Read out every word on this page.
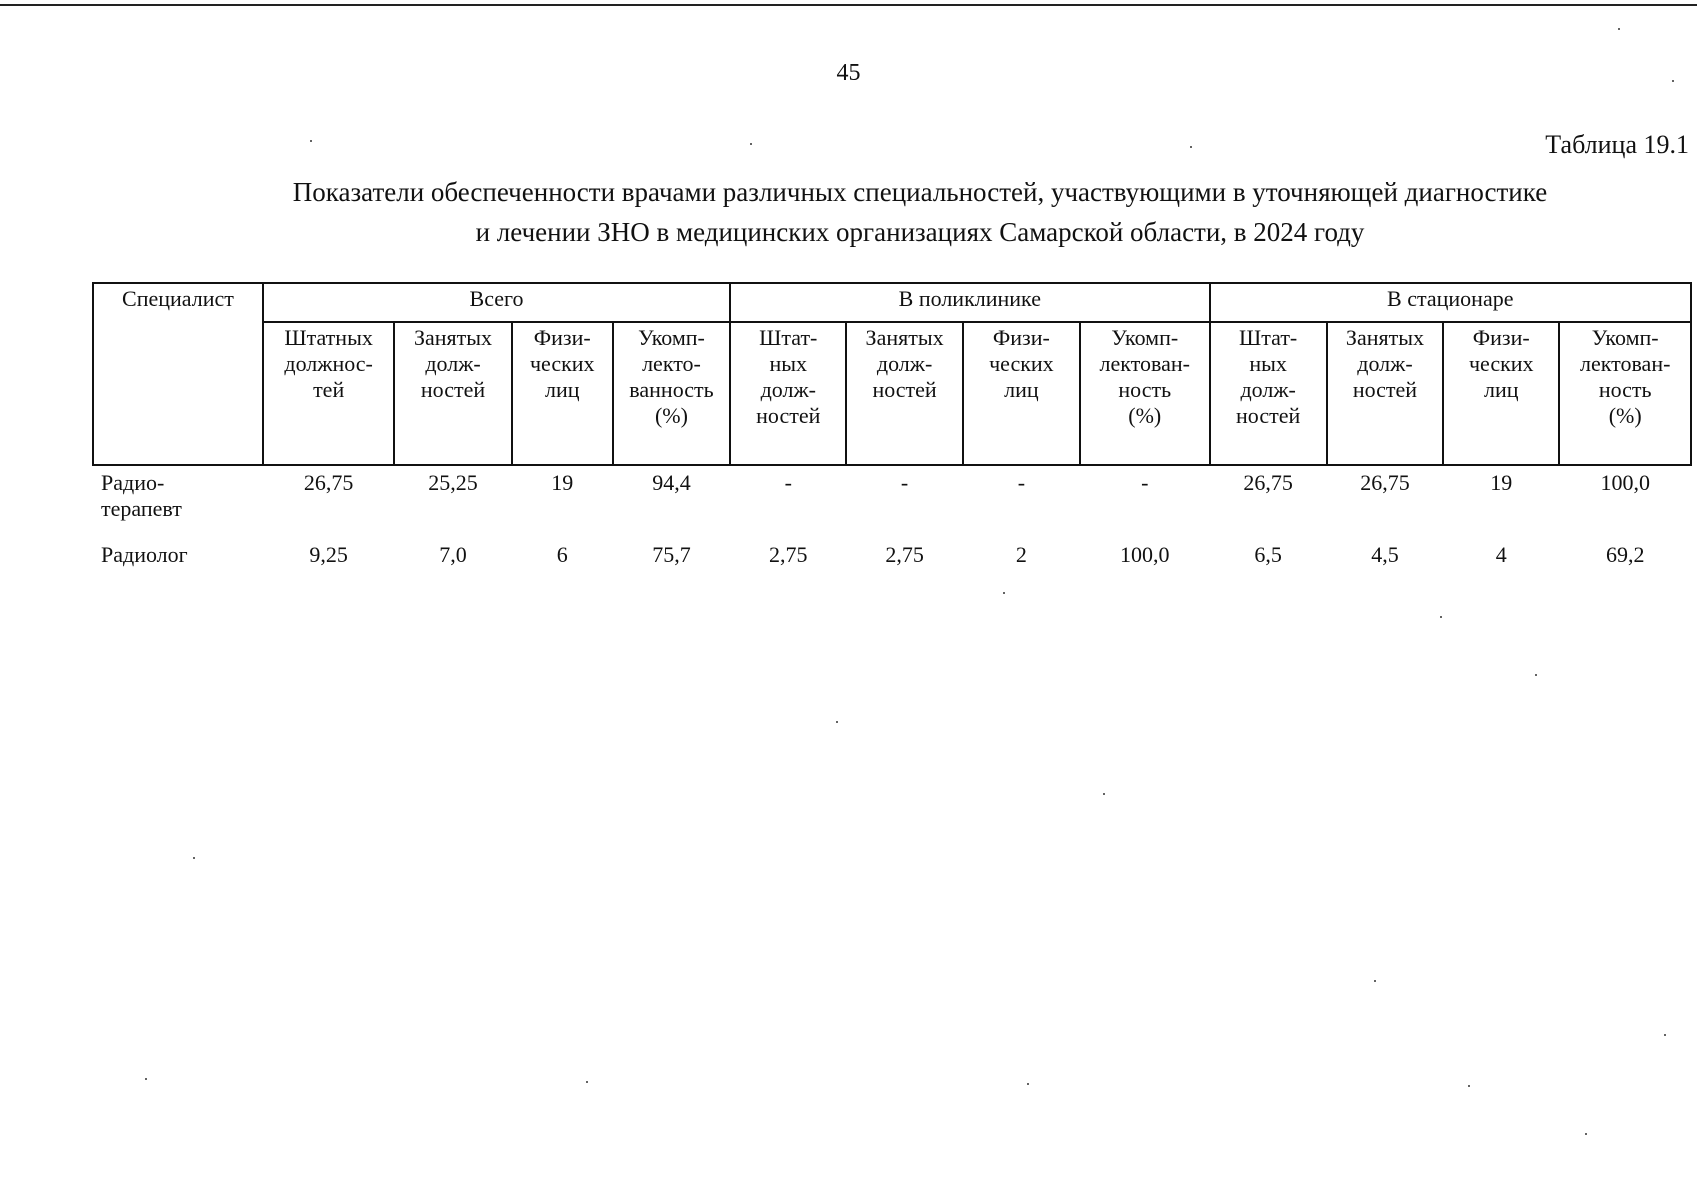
45
Таблица 19.1
Показатели обеспеченности врачами различных специальностей, участвующими в уточняющей диагностике
и лечении ЗНО в медицинских организациях Самарской области, в 2024 году
Специалист	Всего				В поликлинике				В стационаре			

	Штатных
должнос-
тей	Занятых
долж-
ностей	Физи-
ческих
лиц	Укомп-
лекто-
ванность
(%)	Штат-
ных
долж-
ностей	Занятых
долж-
ностей	Физи-
ческих
лиц	Укомп-
лектован-
ность
(%)	Штат-
ных
долж-
ностей	Занятых
долж-
ностей	Физи-
ческих
лиц	Укомп-
лектован-
ность
(%)

Радио-
терапевт	26,75	25,25	19	94,4	-	-	-	-	26,75	26,75	19	100,0

Радиолог	9,25	7,0	6	75,7	2,75	2,75	2	100,0	6,5	4,5	4	69,2
